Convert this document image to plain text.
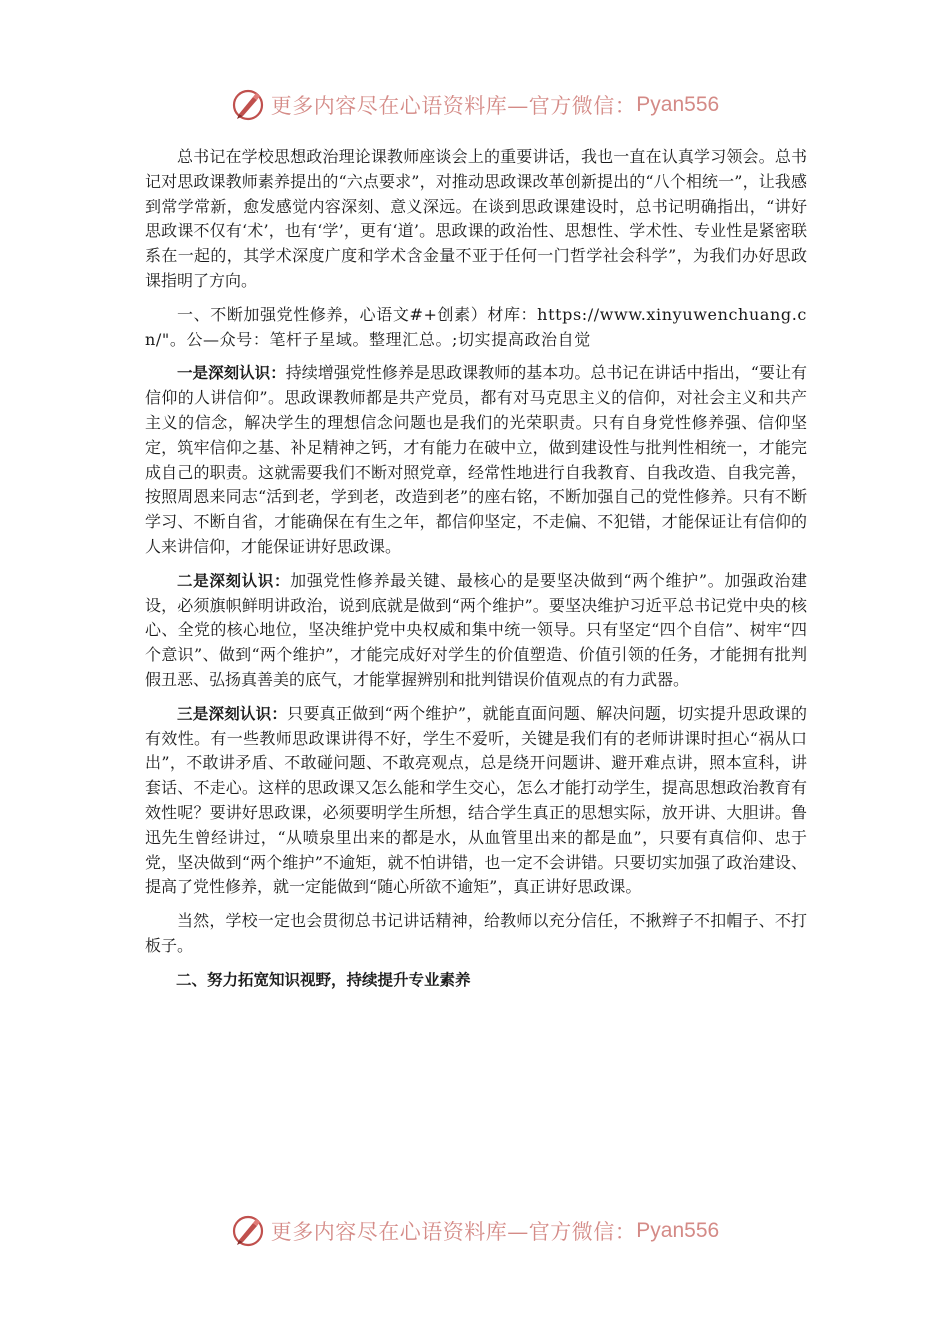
更多内容尽在心语资料库—官方微信： Pyan556

总书记在学校思想政治理论课教师座谈会上的重要讲话，我也一直在认真学习领会。总书记对思政课教师素养提出的“六点要求”，对推动思政课改革创新提出的“八个相统一”，让我感到常学常新，愈发感觉内容深刻、意义深远。在谈到思政课建设时，总书记明确指出，“讲好思政课不仅有‘术’，也有‘学’，更有‘道’。思政课的政治性、思想性、学术性、专业性是紧密联系在一起的，其学术深度广度和学术含金量不亚于任何一门哲学社会科学”，为我们办好思政课指明了方向。

一、不断加强党性修养，心语文#+创素）材库：https://www.xinyuwenchuang.cn/"。公—众号：笔杆子星域。整理汇总。;切实提高政治自觉

一是深刻认识：持续增强党性修养是思政课教师的基本功。总书记在讲话中指出，“要让有信仰的人讲信仰”。思政课教师都是共产党员，都有对马克思主义的信仰，对社会主义和共产主义的信念，解决学生的理想信念问题也是我们的光荣职责。只有自身党性修养强、信仰坚定，筑牢信仰之基、补足精神之钙，才有能力在破中立，做到建设性与批判性相统一，才能完成自己的职责。这就需要我们不断对照党章，经常性地进行自我教育、自我改造、自我完善，按照周恩来同志“活到老，学到老，改造到老”的座右铭，不断加强自己的党性修养。只有不断学习、不断自省，才能确保在有生之年，都信仰坚定，不走偏、不犯错，才能保证让有信仰的人来讲信仰，才能保证讲好思政课。

二是深刻认识：加强党性修养最关键、最核心的是要坚决做到“两个维护”。加强政治建设，必须旗帜鲜明讲政治，说到底就是做到“两个维护”。要坚决维护习近平总书记党中央的核心、全党的核心地位，坚决维护党中央权威和集中统一领导。只有坚定“四个自信”、树牢“四个意识”、做到“两个维护”，才能完成好对学生的价值塑造、价值引领的任务，才能拥有批判假丑恶、弘扬真善美的底气，才能掌握辨别和批判错误价值观点的有力武器。

三是深刻认识：只要真正做到“两个维护”，就能直面问题、解决问题，切实提升思政课的有效性。有一些教师思政课讲得不好，学生不爱听，关键是我们有的老师讲课时担心“祸从口出”，不敢讲矛盾、不敢碰问题、不敢亮观点，总是绕开问题讲、避开难点讲，照本宣科，讲套话、不走心。这样的思政课又怎么能和学生交心，怎么才能打动学生，提高思想政治教育有效性呢？要讲好思政课，必须要明学生所想，结合学生真正的思想实际，放开讲、大胆讲。鲁迅先生曾经讲过，“从喷泉里出来的都是水，从血管里出来的都是血”，只要有真信仰、忠于党，坚决做到“两个维护”不逾矩，就不怕讲错，也一定不会讲错。只要切实加强了政治建设、提高了党性修养，就一定能做到“随心所欲不逾矩”，真正讲好思政课。

当然，学校一定也会贯彻总书记讲话精神，给教师以充分信任，不揪辫子不扣帽子、不打板子。

二、努力拓宽知识视野，持续提升专业素养

更多内容尽在心语资料库—官方微信： Pyan556
